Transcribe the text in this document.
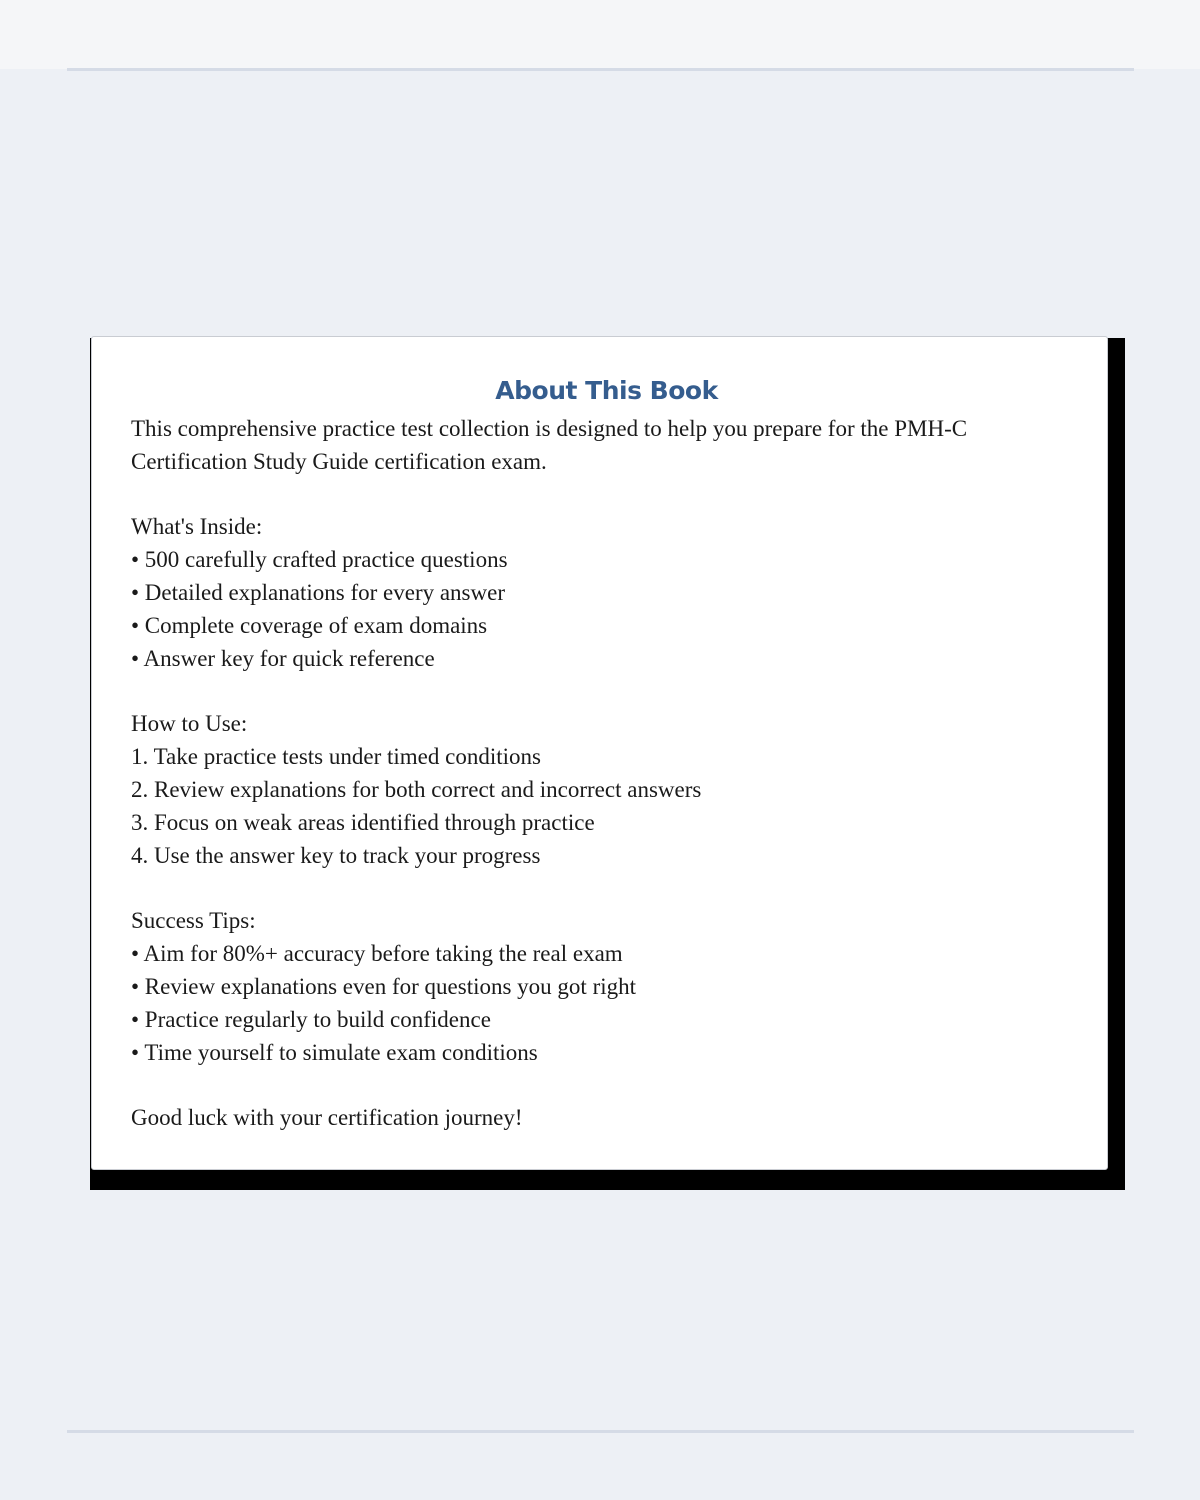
About This Book
This comprehensive practice test collection is designed to help you prepare for the PMH-C
Certification Study Guide certification exam.
What's Inside:
• 500 carefully crafted practice questions
• Detailed explanations for every answer
• Complete coverage of exam domains
• Answer key for quick reference
How to Use:
1. Take practice tests under timed conditions
2. Review explanations for both correct and incorrect answers
3. Focus on weak areas identified through practice
4. Use the answer key to track your progress
Success Tips:
• Aim for 80%+ accuracy before taking the real exam
• Review explanations even for questions you got right
• Practice regularly to build confidence
• Time yourself to simulate exam conditions
Good luck with your certification journey!
